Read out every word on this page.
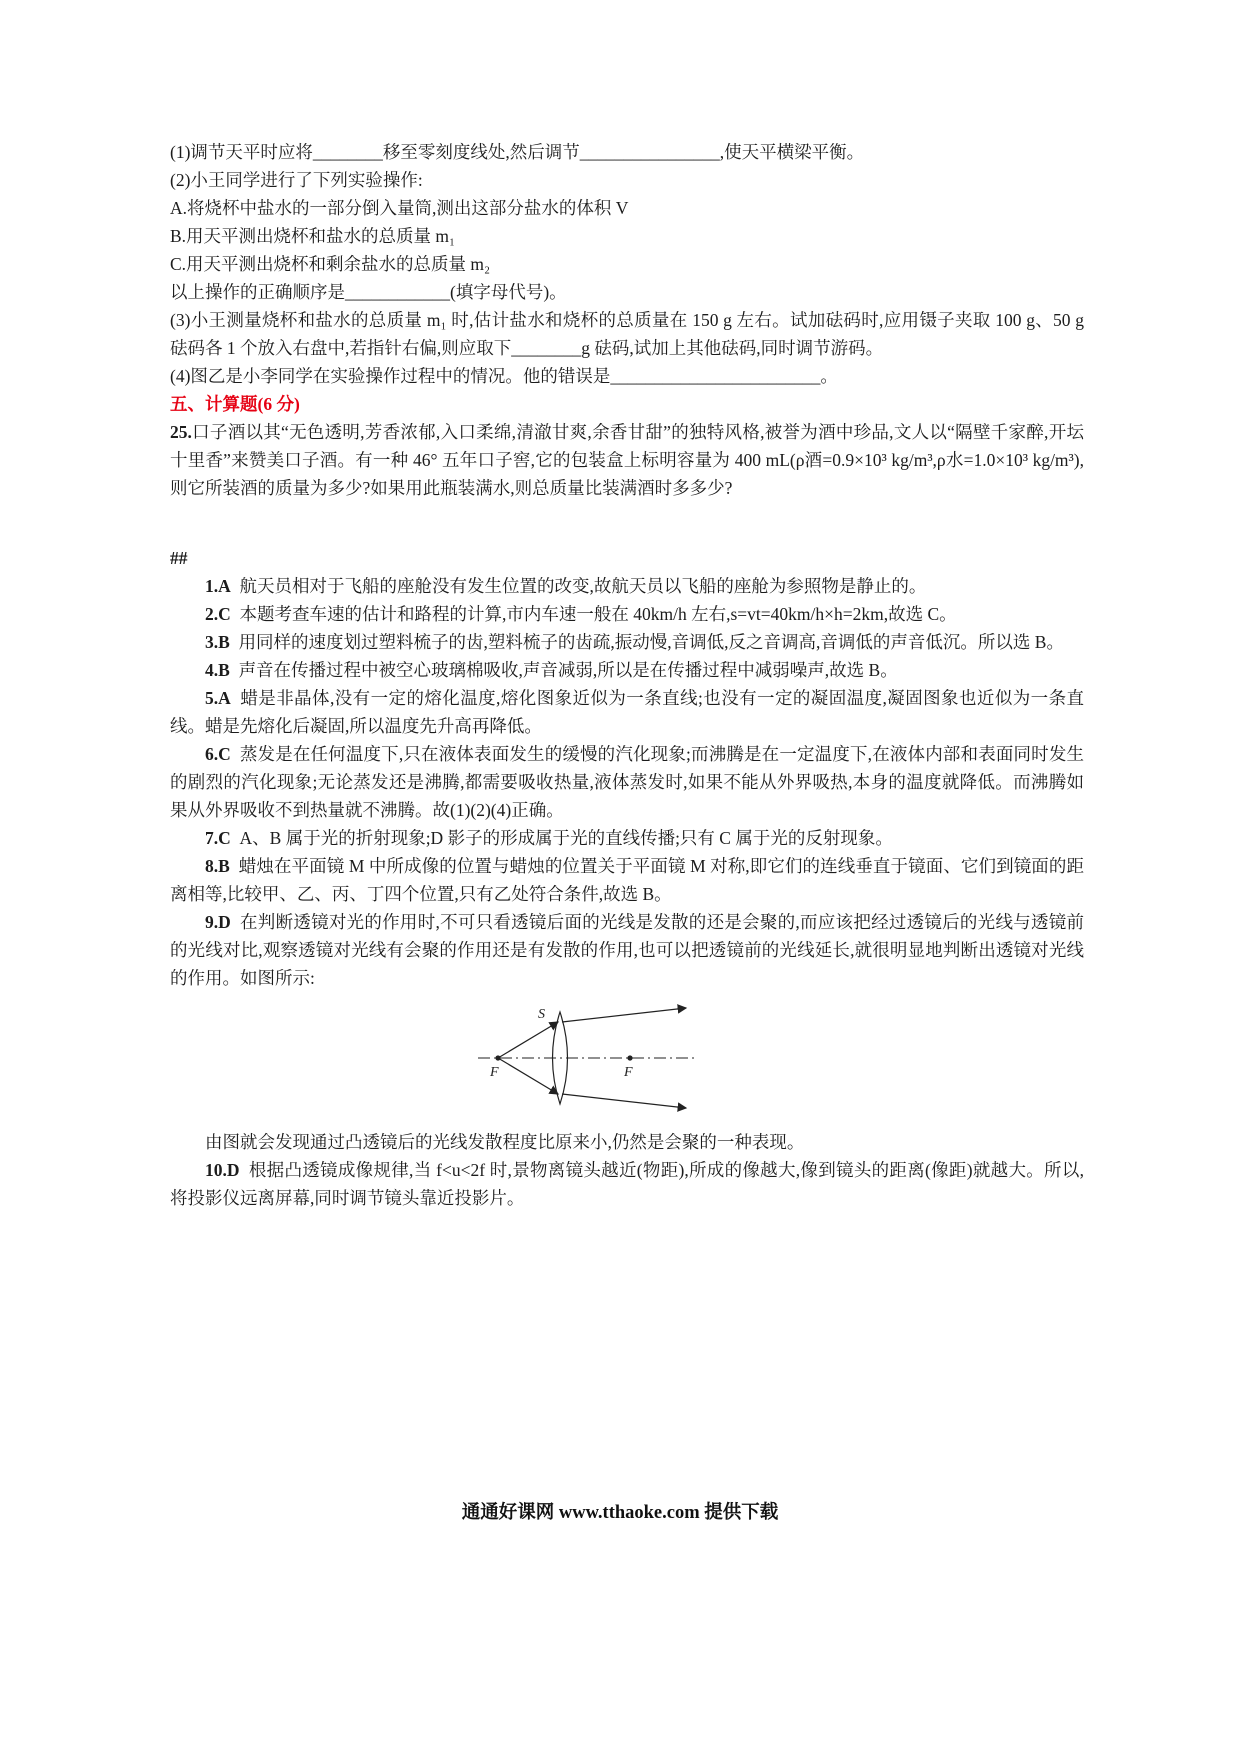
(1)调节天平时应将________移至零刻度线处,然后调节________________,使天平横梁平衡。

(2)小王同学进行了下列实验操作:

A.将烧杯中盐水的一部分倒入量筒,测出这部分盐水的体积 V

B.用天平测出烧杯和盐水的总质量 m₁

C.用天平测出烧杯和剩余盐水的总质量 m₂

以上操作的正确顺序是____________(填字母代号)。

(3)小王测量烧杯和盐水的总质量 m₁ 时,估计盐水和烧杯的总质量在 150 g 左右。试加砝码时,应用镊子夹取 100 g、50 g 砝码各 1 个放入右盘中,若指针右偏,则应取下________g 砝码,试加上其他砝码,同时调节游码。

(4)图乙是小李同学在实验操作过程中的情况。他的错误是________________________。

五、计算题(6 分)

25.口子酒以其“无色透明,芳香浓郁,入口柔绵,清澈甘爽,余香甘甜”的独特风格,被誉为酒中珍品,文人以“隔壁千家醉,开坛十里香”来赞美口子酒。有一种 46° 五年口子窖,它的包装盒上标明容量为 400 mL(ρ酒=0.9×10³ kg/m³,ρ水=1.0×10³ kg/m³),则它所装酒的质量为多少?如果用此瓶装满水,则总质量比装满酒时多多少?

##

1.A 航天员相对于飞船的座舱没有发生位置的改变,故航天员以飞船的座舱为参照物是静止的。

2.C 本题考查车速的估计和路程的计算,市内车速一般在 40km/h 左右,s=vt=40km/h×h=2km,故选 C。

3.B 用同样的速度划过塑料梳子的齿,塑料梳子的齿疏,振动慢,音调低,反之音调高,音调低的声音低沉。所以选 B。

4.B 声音在传播过程中被空心玻璃棉吸收,声音减弱,所以是在传播过程中减弱噪声,故选 B。

5.A 蜡是非晶体,没有一定的熔化温度,熔化图象近似为一条直线;也没有一定的凝固温度,凝固图象也近似为一条直线。蜡是先熔化后凝固,所以温度先升高再降低。

6.C 蒸发是在任何温度下,只在液体表面发生的缓慢的汽化现象;而沸腾是在一定温度下,在液体内部和表面同时发生的剧烈的汽化现象;无论蒸发还是沸腾,都需要吸收热量,液体蒸发时,如果不能从外界吸热,本身的温度就降低。而沸腾如果从外界吸收不到热量就不沸腾。故(1)(2)(4)正确。

7.C A、B 属于光的折射现象;D 影子的形成属于光的直线传播;只有 C 属于光的反射现象。

8.B 蜡烛在平面镜 M 中所成像的位置与蜡烛的位置关于平面镜 M 对称,即它们的连线垂直于镜面、它们到镜面的距离相等,比较甲、乙、丙、丁四个位置,只有乙处符合条件,故选 B。

9.D 在判断透镜对光的作用时,不可只看透镜后面的光线是发散的还是会聚的,而应该把经过透镜后的光线与透镜前的光线对比,观察透镜对光线有会聚的作用还是有发散的作用,也可以把透镜前的光线延长,就很明显地判断出透镜对光线的作用。如图所示:

S
F	F

由图就会发现通过凸透镜后的光线发散程度比原来小,仍然是会聚的一种表现。

10.D 根据凸透镜成像规律,当 f<u<2f 时,景物离镜头越近(物距),所成的像越大,像到镜头的距离(像距)就越大。所以,将投影仪远离屏幕,同时调节镜头靠近投影片。

通通好课网 www.tthaoke.com 提供下载
